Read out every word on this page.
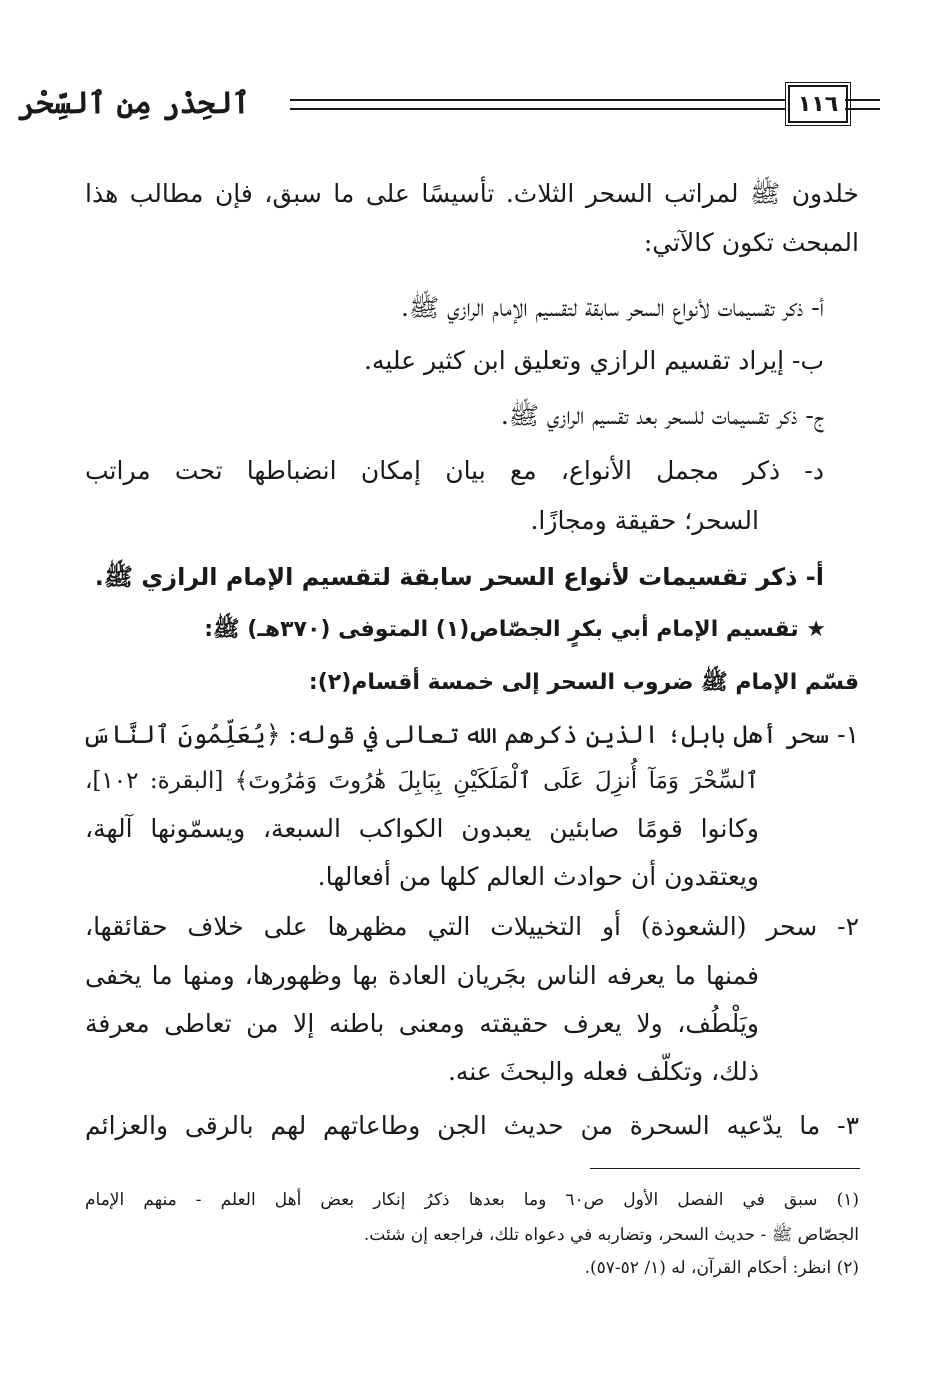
ٱلحِذْر مِن ٱلسِّحْر	١١٦
خلدون ﷺ لمراتب السحر الثلاث. تأسيسًا على ما سبق، فإن مطالب هذا
المبحث تكون كالآتي:
أ- ذكر تقسيمات لأنواع السحر سابقة لتقسيم الإمام الرازي ﷺ.
ب- إيراد تقسيم الرازي وتعليق ابن كثير عليه.
ج- ذكر تقسيمات للسحر بعد تقسيم الرازي ﷺ.
د- ذكر مجمل الأنواع، مع بيان إمكان انضباطها تحت مراتب
السحر؛ حقيقة ومجازًا.
أ- ذكر تقسيمات لأنواع السحر سابقة لتقسيم الإمام الرازي ﷺ.
★ تقسيم الإمام أبي بكرٍ الجصّاص(١) المتوفى (٣٧٠هـ) ﷺ:
قسّم الإمام ﷺ ضروب السحر إلى خمسة أقسام(٢):
١- سحر أهل بابل؛ الذين ذكرهم الله تعالى في قوله: ﴿يُعَلِّمُونَ ٱلنَّاسَ
ٱلسِّحْرَ وَمَآ أُنزِلَ عَلَى ٱلْمَلَكَيْنِ بِبَابِلَ هَٰرُوتَ وَمَٰرُوتَ﴾ [البقرة: ١٠٢]،
وكانوا قومًا صابئين يعبدون الكواكب السبعة، ويسمّونها آلهة،
ويعتقدون أن حوادث العالم كلها من أفعالها.
٢- سحر (الشعوذة) أو التخييلات التي مظهرها على خلاف حقائقها،
فمنها ما يعرفه الناس بجَريان العادة بها وظهورها، ومنها ما يخفى
ويَلْطُف، ولا يعرف حقيقته ومعنى باطنه إلا من تعاطى معرفة
ذلك، وتكلّف فعله والبحثَ عنه.
٣- ما يدّعيه السحرة من حديث الجن وطاعاتهم لهم بالرقى والعزائم
(١) سبق في الفصل الأول ص٦٠ وما بعدها ذكرُ إنكار بعض أهل العلم - منهم الإمام
الجصّاص ﷺ - حديث السحر، وتضاربه في دعواه تلك، فراجعه إن شئت.
(٢) انظر: أحكام القرآن، له (١/ ٥٢-٥٧).
